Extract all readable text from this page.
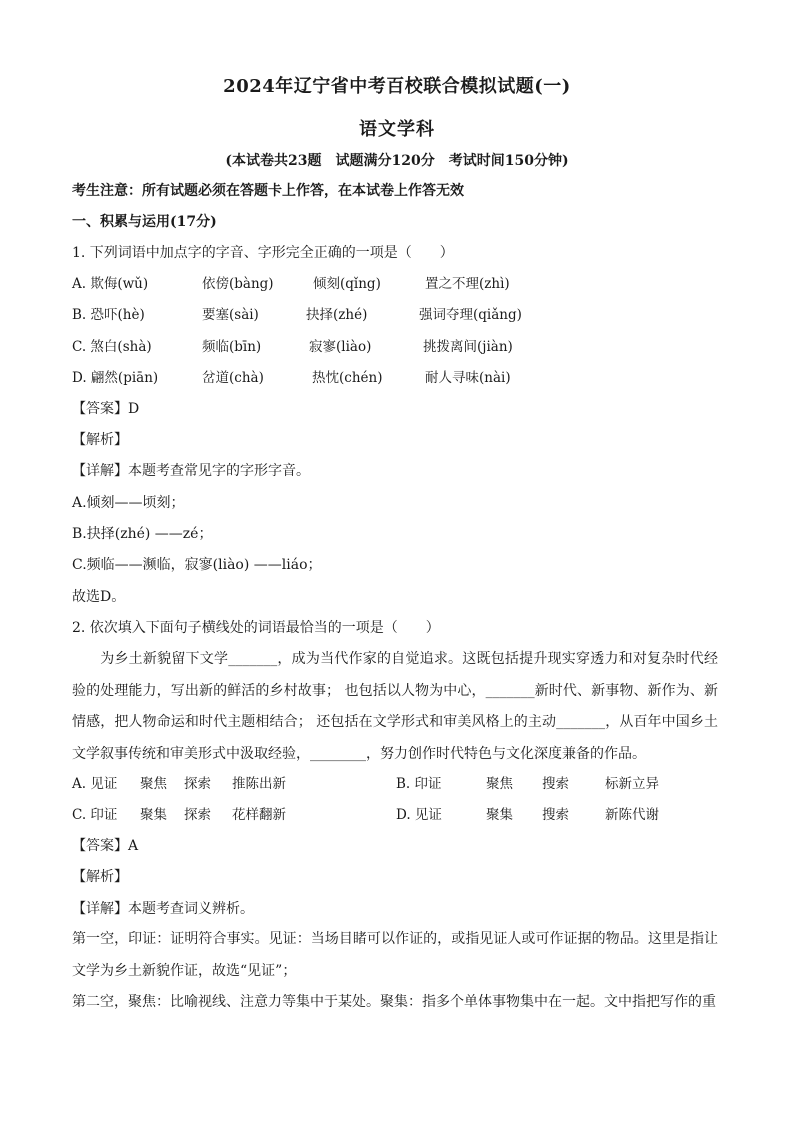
2024年辽宁省中考百校联合模拟试题(一)
语文学科
(本试卷共23题　试题满分120分　考试时间150分钟)
考生注意：所有试题必须在答题卡上作答，在本试卷上作答无效
一、积累与运用(17分)
1. 下列词语中加点字的字音、字形完全正确的一项是（　　）
A. 欺侮(wǔ)	依傍(bàng)	倾刻(qǐng)	置之不理(zhì)
B. 恐吓(hè)	要塞(sài)	抉择(zhé)	强词夺理(qiǎng)
C. 煞白(shà)	频临(bīn)	寂寥(liào)	挑拨离间(jiàn)
D. 翩然(piān)	岔道(chà)	热忱(chén)	耐人寻味(nài)
【答案】D
【解析】
【详解】本题考查常见字的字形字音。
A.倾刻——顷刻；
B.抉择(zhé) ——zé；
C.频临——濒临，寂寥(liào) ——liáo；
故选D。
2. 依次填入下面句子横线处的词语最恰当的一项是（　　）
为乡土新貌留下文学_______，成为当代作家的自觉追求。这既包括提升现实穿透力和对复杂时代经验的处理能力，写出新的鲜活的乡村故事； 也包括以人物为中心，_______新时代、新事物、新作为、新情感，把人物命运和时代主题相结合； 还包括在文学形式和审美风格上的主动_______，从百年中国乡土文学叙事传统和审美形式中汲取经验，________，努力创作时代特色与文化深度兼备的作品。
A. 见证 聚焦 探索 推陈出新	B. 印证	聚焦 搜索	标新立异
C. 印证 聚集 探索 花样翻新	D. 见证	聚集 搜索	新陈代谢
【答案】A
【解析】
【详解】本题考查词义辨析。
第一空，印证：证明符合事实。见证：当场目睹可以作证的，或指见证人或可作证据的物品。这里是指让文学为乡土新貌作证，故选“见证”；
第二空，聚焦：比喻视线、注意力等集中于某处。聚集：指多个单体事物集中在一起。文中指把写作的重
